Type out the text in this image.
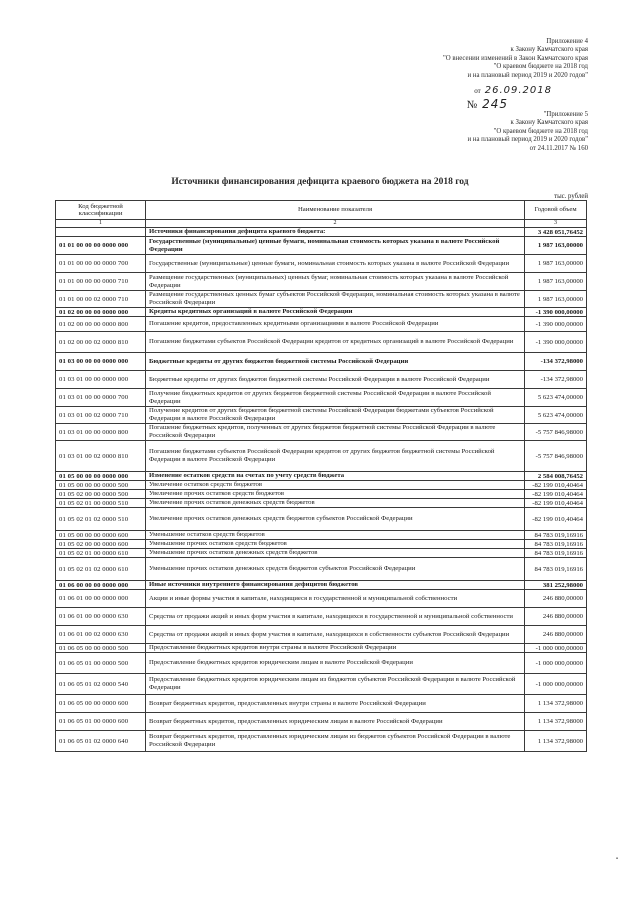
Приложение 4
к Закону Камчатского края
"О внесении изменений в Закон Камчатского края
"О краевом бюджете на 2018 год
и на плановый период 2019 и 2020 годов"
от 26.09.2018
№ 245
"Приложение 5
к Закону Камчатского края
"О краевом бюджете на 2018 год
и на плановый период 2019 и 2020 годов"
от 24.11.2017 № 160
Источники финансирования дефицита краевого бюджета на 2018 год
тыс. рублей
Код бюджетной классификации	Наименование показателя	Годовой объем
1	2	3
	Источники финансирования дефицита краевого бюджета:	3 428 051,76452
01 01 00 00 00 0000 000	Государственные (муниципальные) ценные бумаги, номинальная стоимость которых указана в валюте Российской Федерации	1 987 163,00000
01 01 00 00 00 0000 700	Государственные (муниципальные) ценные бумаги, номинальная стоимость которых указана в валюте Российской Федерации	1 987 163,00000
01 01 00 00 00 0000 710	Размещение государственных (муниципальных) ценных бумаг, номинальная стоимость которых указана в валюте Российской Федерации	1 987 163,00000
01 01 00 00 02 0000 710	Размещение государственных ценных бумаг субъектов Российской Федерации, номинальная стоимость которых указана в валюте Российской Федерации	1 987 163,00000
01 02 00 00 00 0000 000	Кредиты кредитных организаций в валюте Российской Федерации	-1 390 000,00000
01 02 00 00 00 0000 800	Погашение кредитов, предоставленных кредитными организациями в валюте Российской Федерации	-1 390 000,00000
01 02 00 00 02 0000 810	Погашение бюджетами субъектов Российской Федерации кредитов от кредитных организаций в валюте Российской Федерации	-1 390 000,00000
01 03 00 00 00 0000 000	Бюджетные кредиты от других бюджетов бюджетной системы Российской Федерации	-134 372,98000
01 03 01 00 00 0000 000	Бюджетные кредиты от других бюджетов бюджетной системы Российской Федерации в валюте Российской Федерации	-134 372,98000
01 03 01 00 00 0000 700	Получение бюджетных кредитов от других бюджетов бюджетной системы Российской Федерации в валюте Российской Федерации	5 623 474,00000
01 03 01 00 02 0000 710	Получение кредитов от других бюджетов бюджетной системы Российской Федерации бюджетами субъектов Российской Федерации в валюте Российской Федерации	5 623 474,00000
01 03 01 00 00 0000 800	Погашение бюджетных кредитов, полученных от других бюджетов бюджетной системы Российской Федерации в валюте Российской Федерации	-5 757 846,98000
01 03 01 00 02 0000 810	Погашение бюджетами субъектов Российской Федерации кредитов от других бюджетов бюджетной системы Российской Федерации в валюте Российской Федерации	-5 757 846,98000
01 05 00 00 00 0000 000	Изменение остатков средств на счетах по учету средств бюджета	2 584 008,76452
01 05 00 00 00 0000 500	Увеличение остатков средств бюджетов	-82 199 010,40464
01 05 02 00 00 0000 500	Увеличение прочих остатков средств бюджетов	-82 199 010,40464
01 05 02 01 00 0000 510	Увеличение прочих остатков денежных средств бюджетов	-82 199 010,40464
01 05 02 01 02 0000 510	Увеличение прочих остатков денежных средств бюджетов субъектов Российской Федерации	-82 199 010,40464
01 05 00 00 00 0000 600	Уменьшение остатков средств бюджетов	84 783 019,16916
01 05 02 00 00 0000 600	Уменьшение прочих остатков средств бюджетов	84 783 019,16916
01 05 02 01 00 0000 610	Уменьшение прочих остатков денежных средств бюджетов	84 783 019,16916
01 05 02 01 02 0000 610	Уменьшение прочих остатков денежных средств бюджетов субъектов Российской Федерации	84 783 019,16916
01 06 00 00 00 0000 000	Иные источники внутреннего финансирования дефицитов бюджетов	381 252,98000
01 06 01 00 00 0000 000	Акции и иные формы участия в капитале, находящиеся в государственной и муниципальной собственности	246 880,00000
01 06 01 00 00 0000 630	Средства от продажи акций и иных форм участия в капитале, находящихся в государственной и муниципальной собственности	246 880,00000
01 06 01 00 02 0000 630	Средства от продажи акций и иных форм участия в капитале, находящихся в собственности субъектов Российской Федерации	246 880,00000
01 06 05 00 00 0000 500	Предоставление бюджетных кредитов внутри страны в валюте Российской Федерации	-1 000 000,00000
01 06 05 01 00 0000 500	Предоставление бюджетных кредитов юридическим лицам в валюте Российской Федерации	-1 000 000,00000
01 06 05 01 02 0000 540	Предоставление бюджетных кредитов юридическим лицам из бюджетов субъектов Российской Федерации в валюте Российской Федерации	-1 000 000,00000
01 06 05 00 00 0000 600	Возврат бюджетных кредитов, предоставленных внутри страны в валюте Российской Федерации	1 134 372,98000
01 06 05 01 00 0000 600	Возврат бюджетных кредитов, предоставленных юридическим лицам в валюте Российской Федерации	1 134 372,98000
01 06 05 01 02 0000 640	Возврат бюджетных кредитов, предоставленных юридическим лицам из бюджетов субъектов Российской Федерации в валюте Российской Федерации	1 134 372,98000
▪
